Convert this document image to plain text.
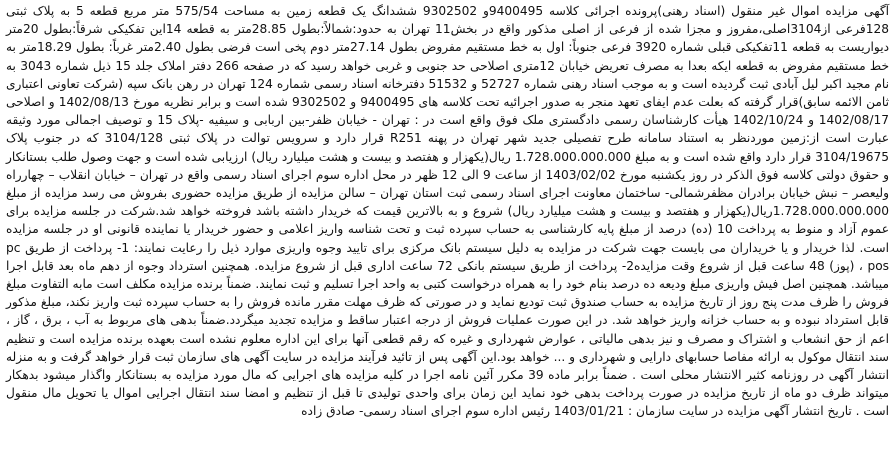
آگهی مزایده اموال غیر منقول (اسناد رهنی)پرونده اجرائی کلاسه 9400495و 9302502 ششدانگ یک قطعه زمین به مساحت 575/54 متر مربع قطعه 5 به پلاک ثبتی 128فرعی از3104اصلی،مفروز و مجزا شده از فرعی از اصلی مذکور واقع در بخش11 تهران به حدود:شمالاً:بطول 28.85متر به قطعه 14این تفکیکی شرقاً:بطول 20متر دیواریست به قطعه 11تفکیکی قبلی شماره 3920 فرعی جنوباً: اول به خط مستقیم مفروض بطول 27.14متر دوم پخی است فرضی بطول 2.40متر غرباً: بطول 18.29متر به خط مستقیم مفروض به قطعه ایکه بعدا به مصرف تعریض خیابان 12متری اصلاحی حد جنوبی و غربی خواهد رسید که در صفحه 266 دفتر املاک جلد 15 ذیل شماره 3043 به نام مجید اکبر لیل آبادی ثبت گردیده است و به موجب اسناد رهنی شماره 52727 و 51532 دفترخانه اسناد رسمی شماره 124 تهران در رهن بانک سپه (شرکت تعاونی اعتباری ثامن الائمه سابق)قرار گرفته که بعلت عدم ایفای تعهد منجر به صدور اجرائیه تحت کلاسه های 9400495 و 9302502 شده است و برابر نظریه مورخ 1402/08/13 و اصلاحی 1402/08/17 و 1402/10/24 هیأت کارشناسان رسمی دادگستری ملک فوق واقع است در : تهران - خیابان ظفر-بین اربابی و سیفیه -پلاک 15 و توصیف اجمالی مورد وثیقه عبارت است از:زمین موردنظر به استناد سامانه طرح تفصیلی جدید شهر تهران در پهنه R251 قرار دارد و سرویس توالت در پلاک ثبتی 3104/128 که در جنوب پلاک 3104/19675 قرار دارد واقع شده است و به مبلغ 1.728.000.000.000 ریال(یکهزار و هفتصد و بیست و هشت میلیارد ریال) ارزیابی شده است و جهت وصول طلب بستانکار و حقوق دولتی کلاسه فوق الذکر در روز یکشنبه مورخ 1403/02/02 از ساعت 9 الی 12 ظهر در محل اداره سوم اجرای اسناد رسمی واقع در تهران – خیابان انقلاب – چهارراه ولیعصر – نبش خیابان برادران مظفرشمالی- ساختمان معاونت اجرای اسناد رسمی ثبت استان تهران – سالن مزایده از طریق مزایده حضوری بفروش می رسد مزایده از مبلغ 1.728.000.000.000ریال(یکهزار و هفتصد و بیست و هشت میلیارد ریال) شروع و به بالاترین قیمت که خریدار داشته باشد فروخته خواهد شد.شرکت در جلسه مزایده برای عموم آزاد و منوط به پرداخت 10 (ده) درصد از مبلغ پایه کارشناسی به حساب سپرده ثبت و تحت شناسه واریز اعلامی و حضور خریدار یا نماینده قانونی او در جلسه مزایده است. لذا خریدار و یا خریداران می بایست جهت شرکت در مزایده به دلیل سیستم بانک مرکزی برای تایید وجوه واریزی موارد ذیل را رعایت نمایند: 1- پرداخت از طریق pc pos ، (پوز) 48 ساعت قبل از شروع وقت مزایده2- پرداخت از طریق سیستم بانکی 72 ساعت اداری قبل از شروع مزایده. همچنین استرداد وجوه از دهم ماه بعد قابل اجرا میباشد. همچنین اصل فیش واریزی مبلغ ودیعه ده درصد بنام خود را به همراه درخواست کتبی به واحد اجرا تسلیم و ثبت نمایند. ضمناً برنده مزایده مکلف است مابه التفاوت مبلغ فروش را ظرف مدت پنج روز از تاریخ مزایده به حساب صندوق ثبت تودیع نماید و در صورتی که ظرف مهلت مقرر مانده فروش را به حساب سپرده ثبت واریز نکند، مبلغ مذکور قابل استرداد نبوده و به حساب خزانه واریز خواهد شد. در این صورت عملیات فروش از درجه اعتبار ساقط و مزایده تجدید میگردد.ضمناً بدهی های مربوط به آب ، برق ، گاز ، اعم از حق انشعاب و اشتراک و مصرف و نیز بدهی مالیاتی ، عوارض شهرداری و غیره که رقم قطعی آنها برای این اداره معلوم نشده است بعهده برنده مزایده است و تنظیم سند انتقال موکول به ارائه مفاصا حسابهای دارایی و شهرداری و ... خواهد بود.این آگهی پس از تائید فرآیند مزایده در سایت آگهی های سازمان ثبت قرار خواهد گرفت و به منزله انتشار آگهی در روزنامه کثیر الانتشار محلی است . ضمناً برابر ماده 39 مکرر آئین نامه اجرا در کلیه مزایده های اجرایی که مال مورد مزایده به بستانکار واگذار میشود بدهکار میتواند ظرف دو ماه از تاریخ مزایده در صورت پرداخت بدهی خود نماید این زمان برای واحدی تولیدی تا قبل از تنظیم و امضا سند انتقال اجرایی اموال یا تحویل مال منقول است . تاریخ انتشار آگهی مزایده در سایت سازمان : 1403/01/21 رئیس اداره سوم اجرای اسناد رسمی- صادق زاده
